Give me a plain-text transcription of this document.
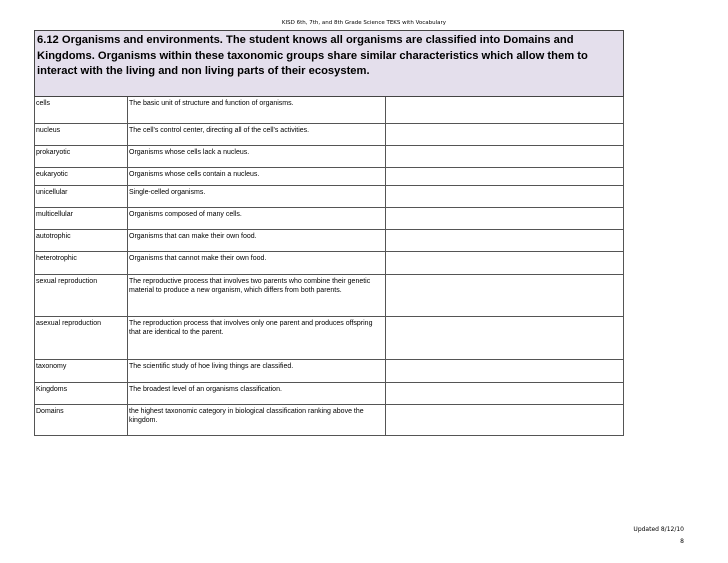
KISD 6th, 7th, and 8th Grade Science TEKS with Vocabulary
6.12 Organisms and environments. The student knows all organisms are classified into Domains and Kingdoms. Organisms within these taxonomic groups share similar characteristics which allow them to interact with the living and non living parts of their ecosystem.		
cells	The basic unit of structure and function of organisms.	
nucleus	The cell's control center, directing all of the cell's activities.	
prokaryotic	Organisms whose cells lack a nucleus.	
eukaryotic	Organisms whose cells contain a nucleus.	
unicellular	Single-celled organisms.	
multicellular	Organisms composed of many cells.	
autotrophic	Organisms that can make their own food.	
heterotrophic	Organisms that cannot make their own food.	
sexual reproduction	The reproductive process that involves two parents who combine their genetic material to produce a new organism, which differs from both parents.	
asexual reproduction	The reproduction process that involves only one parent and produces offspring that are identical to the parent.	
taxonomy	The scientific study of hoe living things are classified.	
Kingdoms	The broadest level of an organisms classification.	
Domains	the highest taxonomic category in biological classification ranking above the kingdom.	
Updated 8/12/10
8
